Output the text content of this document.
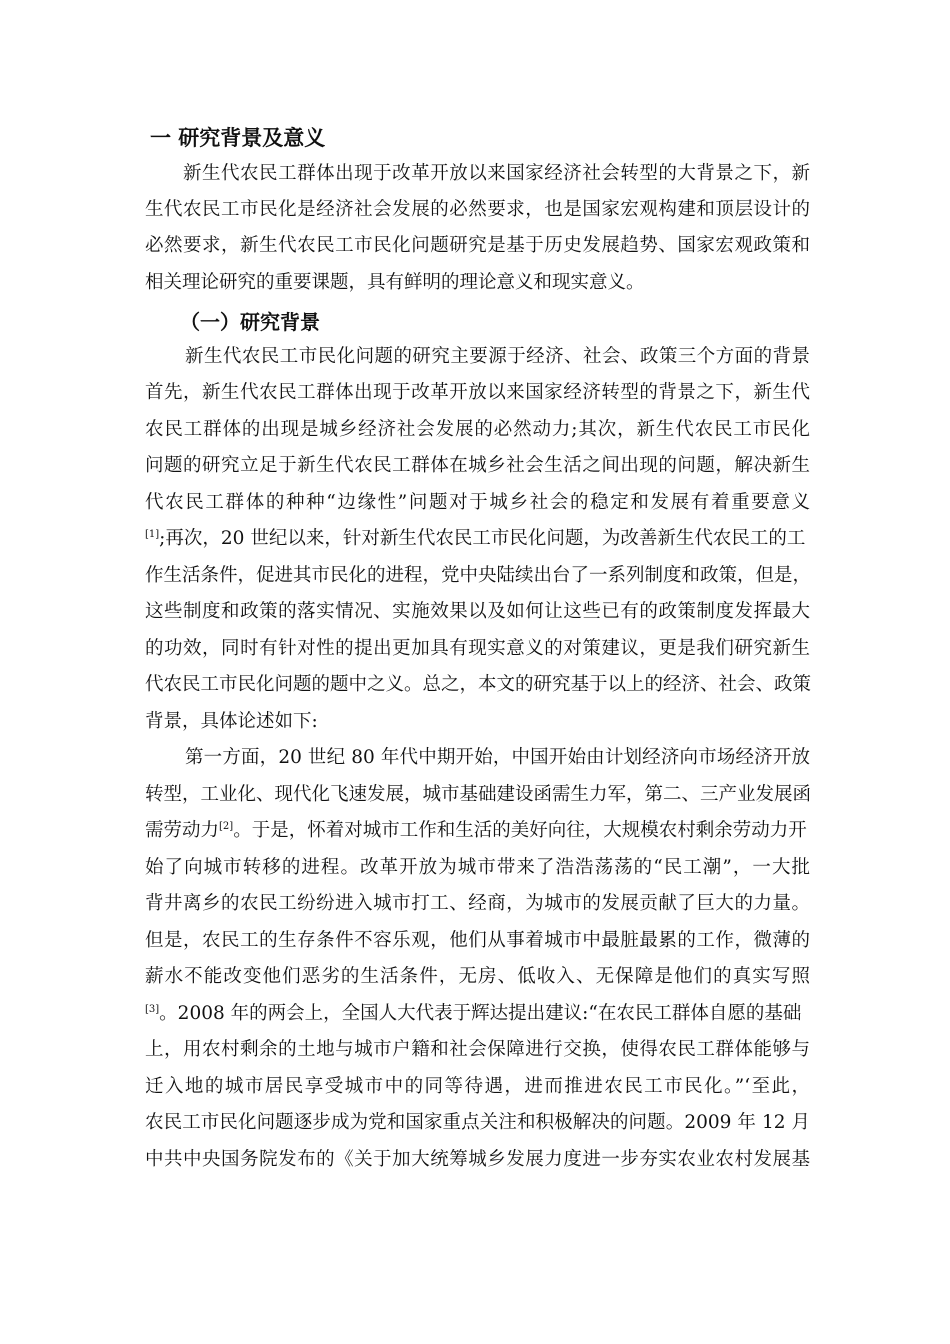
一 研究背景及意义
新生代农民工群体出现于改革开放以来国家经济社会转型的大背景之下，新
生代农民工市民化是经济社会发展的必然要求，也是国家宏观构建和顶层设计的
必然要求，新生代农民工市民化问题研究是基于历史发展趋势、国家宏观政策和
相关理论研究的重要课题，具有鲜明的理论意义和现实意义。
（一）研究背景
新生代农民工市民化问题的研究主要源于经济、社会、政策三个方面的背景
首先，新生代农民工群体出现于改革开放以来国家经济转型的背景之下，新生代
农民工群体的出现是城乡经济社会发展的必然动力;其次，新生代农民工市民化
问题的研究立足于新生代农民工群体在城乡社会生活之间出现的问题，解决新生
代农民工群体的种种“边缘性”问题对于城乡社会的稳定和发展有着重要意义
[1];再次，20 世纪以来，针对新生代农民工市民化问题，为改善新生代农民工的工
作生活条件，促进其市民化的进程，党中央陆续出台了一系列制度和政策，但是，
这些制度和政策的落实情况、实施效果以及如何让这些已有的政策制度发挥最大
的功效，同时有针对性的提出更加具有现实意义的对策建议，更是我们研究新生
代农民工市民化问题的题中之义。总之，本文的研究基于以上的经济、社会、政策
背景，具体论述如下:
第一方面，20 世纪 80 年代中期开始，中国开始由计划经济向市场经济开放
转型，工业化、现代化飞速发展，城市基础建设函需生力军，第二、三产业发展函
需劳动力[2]。于是，怀着对城市工作和生活的美好向往，大规模农村剩余劳动力开
始了向城市转移的进程。改革开放为城市带来了浩浩荡荡的“民工潮”，一大批
背井离乡的农民工纷纷进入城市打工、经商，为城市的发展贡献了巨大的力量。
但是，农民工的生存条件不容乐观，他们从事着城市中最脏最累的工作，微薄的
薪水不能改变他们恶劣的生活条件，无房、低收入、无保障是他们的真实写照
[3]。2008 年的两会上，全国人大代表于辉达提出建议:“在农民工群体自愿的基础
上，用农村剩余的土地与城市户籍和社会保障进行交换，使得农民工群体能够与
迁入地的城市居民享受城市中的同等待遇，进而推进农民工市民化。”‘至此，
农民工市民化问题逐步成为党和国家重点关注和积极解决的问题。2009 年 12 月
中共中央国务院发布的《关于加大统筹城乡发展力度进一步夯实农业农村发展基
